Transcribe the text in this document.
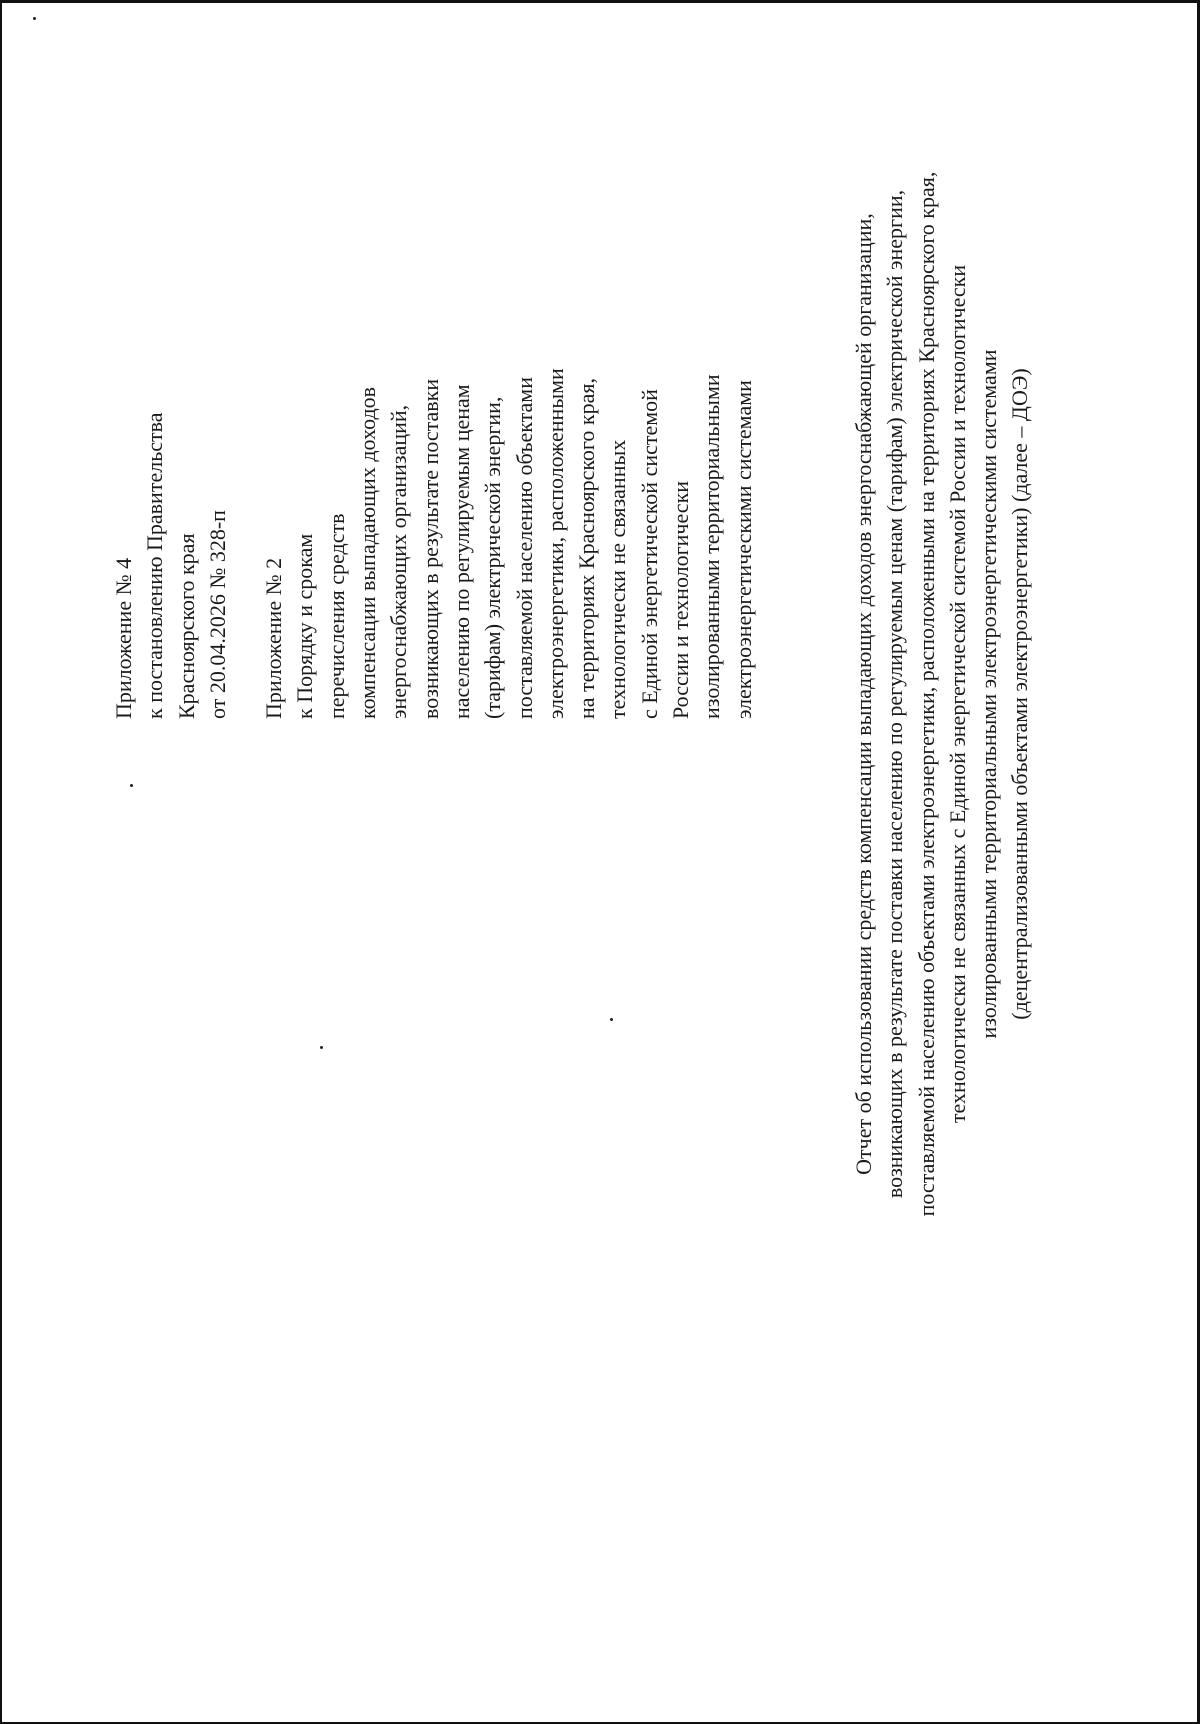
Приложение № 4 к постановлению Правительства Красноярского края от 20.04.2026 № 328-п Приложение № 2 к Порядку и срокам перечисления средств компенсации выпадающих доходов энергоснабжающих организаций, возникающих в результате поставки населению по регулируемым ценам (тарифам) электрической энергии, поставляемой населению объектами электроэнергетики, расположенными на территориях Красноярского края, технологически не связанных с Единой энергетической системой России и технологически изолированными территориальными электроэнергетическими системами	Отчет об использовании средств компенсации выпадающих доходов энергоснабжающей организации, возникающих в результате поставки населению по регулируемым ценам (тарифам) электрической энергии, поставляемой населению объектами электроэнергетики, расположенными на территориях Красноярского края, технологически не связанных с Единой энергетической системой России и технологически изолированными территориальными электроэнергетическими системами (децентрализованными объектами электроэнергетики) (далее – ДОЭ)
